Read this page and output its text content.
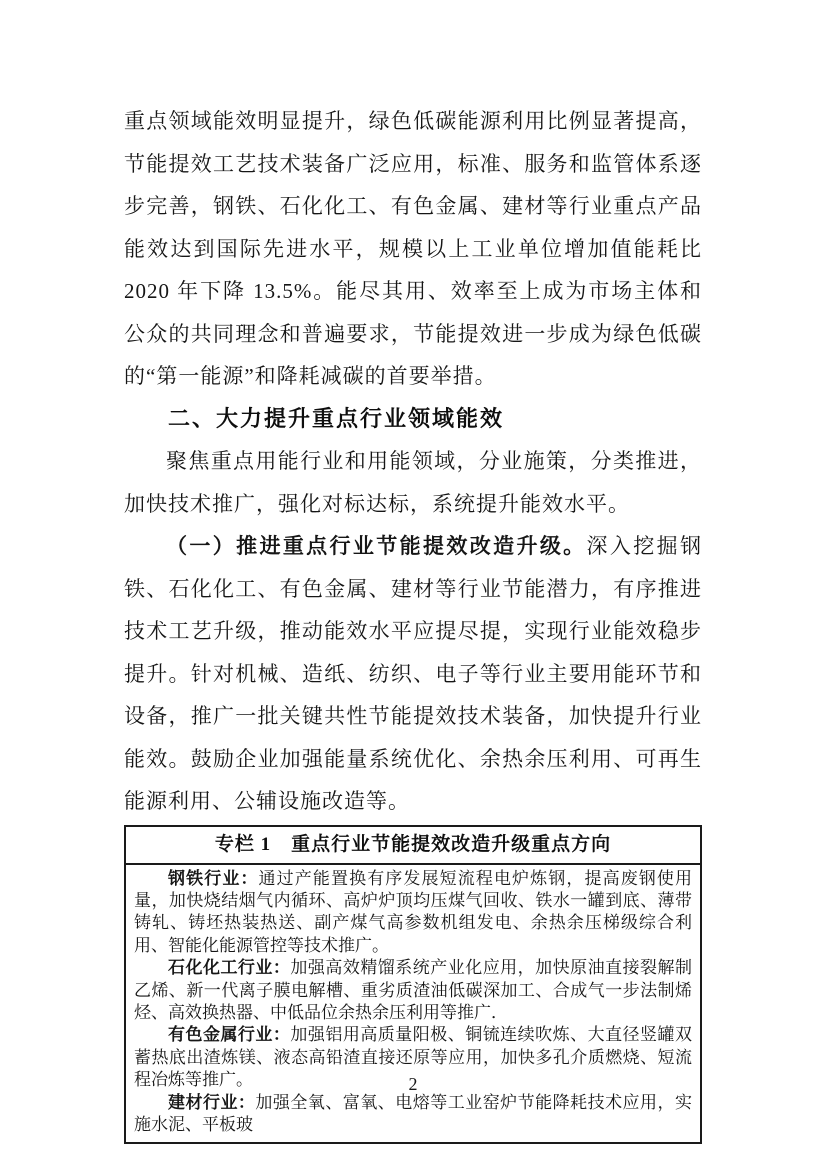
重点领域能效明显提升，绿色低碳能源利用比例显著提高，节能提效工艺技术装备广泛应用，标准、服务和监管体系逐步完善，钢铁、石化化工、有色金属、建材等行业重点产品能效达到国际先进水平，规模以上工业单位增加值能耗比2020 年下降 13.5%。能尽其用、效率至上成为市场主体和公众的共同理念和普遍要求，节能提效进一步成为绿色低碳的“第一能源”和降耗减碳的首要举措。

二、大力提升重点行业领域能效

聚焦重点用能行业和用能领域，分业施策，分类推进，加快技术推广，强化对标达标，系统提升能效水平。

（一）推进重点行业节能提效改造升级。深入挖掘钢铁、石化化工、有色金属、建材等行业节能潜力，有序推进技术工艺升级，推动能效水平应提尽提，实现行业能效稳步提升。针对机械、造纸、纺织、电子等行业主要用能环节和设备，推广一批关键共性节能提效技术装备，加快提升行业能效。鼓励企业加强能量系统优化、余热余压利用、可再生能源利用、公辅设施改造等。

专栏 1　重点行业节能提效改造升级重点方向

钢铁行业：通过产能置换有序发展短流程电炉炼钢，提高废钢使用量，加快烧结烟气内循环、高炉炉顶均压煤气回收、铁水一罐到底、薄带铸轧、铸坯热装热送、副产煤气高参数机组发电、余热余压梯级综合利用、智能化能源管控等技术推广。

石化化工行业：加强高效精馏系统产业化应用，加快原油直接裂解制乙烯、新一代离子膜电解槽、重劣质渣油低碳深加工、合成气一步法制烯烃、高效换热器、中低品位余热余压利用等推广．

有色金属行业：加强铝用高质量阳极、铜锍连续吹炼、大直径竖罐双蓄热底出渣炼镁、液态高铅渣直接还原等应用，加快多孔介质燃烧、短流程冶炼等推广。

建材行业：加强全氧、富氧、电熔等工业窑炉节能降耗技术应用，实施水泥、平板玻

2
